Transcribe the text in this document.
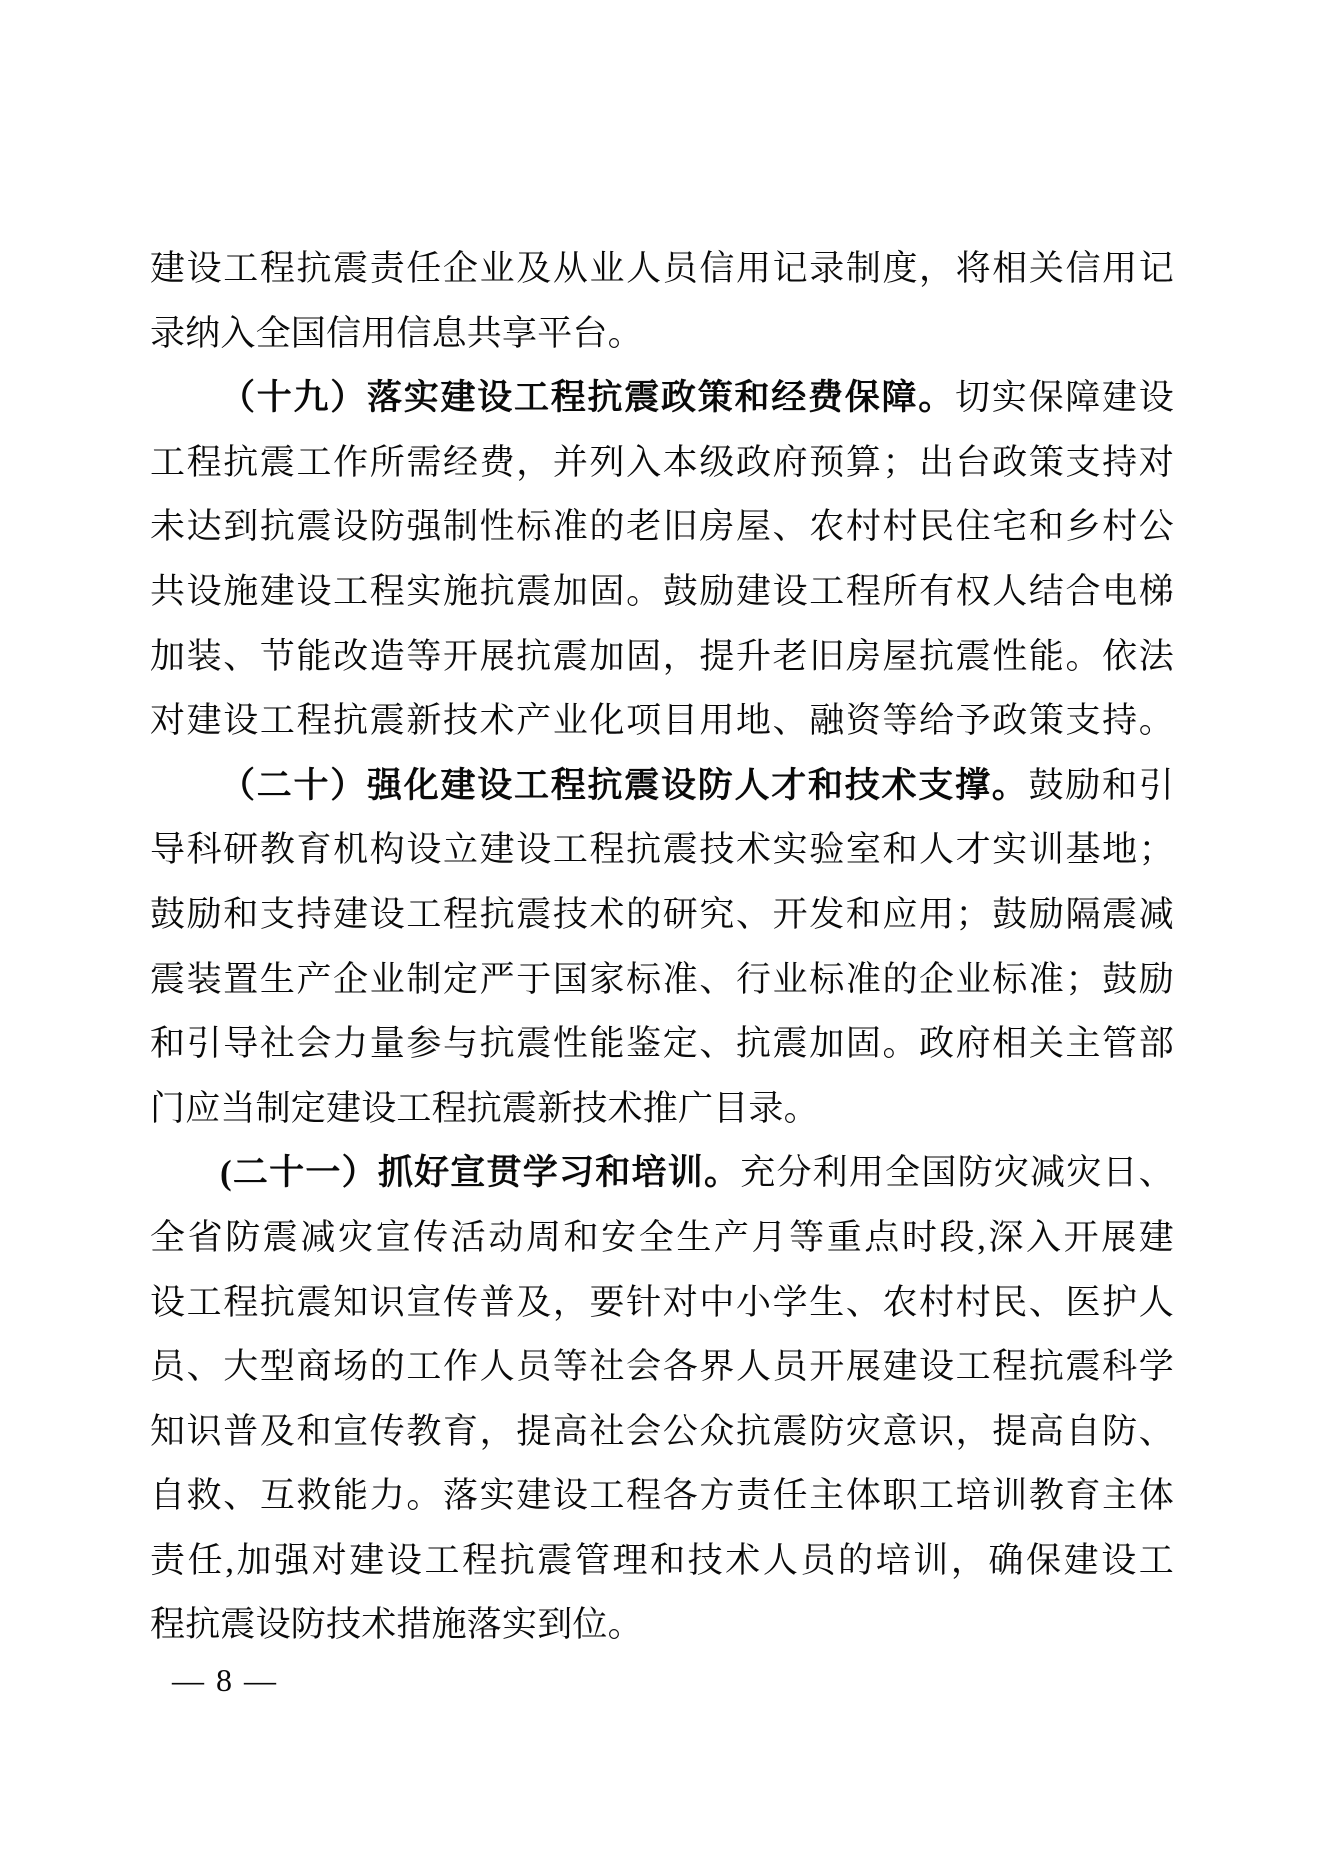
建设工程抗震责任企业及从业人员信用记录制度，将相关信用记
录纳入全国信用信息共享平台。
（十九）落实建设工程抗震政策和经费保障。切实保障建设
工程抗震工作所需经费，并列入本级政府预算；出台政策支持对
未达到抗震设防强制性标准的老旧房屋、农村村民住宅和乡村公
共设施建设工程实施抗震加固。鼓励建设工程所有权人结合电梯
加装、节能改造等开展抗震加固，提升老旧房屋抗震性能。依法
对建设工程抗震新技术产业化项目用地、融资等给予政策支持。
（二十）强化建设工程抗震设防人才和技术支撑。鼓励和引
导科研教育机构设立建设工程抗震技术实验室和人才实训基地；
鼓励和支持建设工程抗震技术的研究、开发和应用；鼓励隔震减
震装置生产企业制定严于国家标准、行业标准的企业标准；鼓励
和引导社会力量参与抗震性能鉴定、抗震加固。政府相关主管部
门应当制定建设工程抗震新技术推广目录。
(二十一）抓好宣贯学习和培训。充分利用全国防灾减灾日、
全省防震减灾宣传活动周和安全生产月等重点时段,深入开展建
设工程抗震知识宣传普及，要针对中小学生、农村村民、医护人
员、大型商场的工作人员等社会各界人员开展建设工程抗震科学
知识普及和宣传教育，提高社会公众抗震防灾意识，提高自防、
自救、互救能力。落实建设工程各方责任主体职工培训教育主体
责任,加强对建设工程抗震管理和技术人员的培训，确保建设工
程抗震设防技术措施落实到位。
— 8 —
